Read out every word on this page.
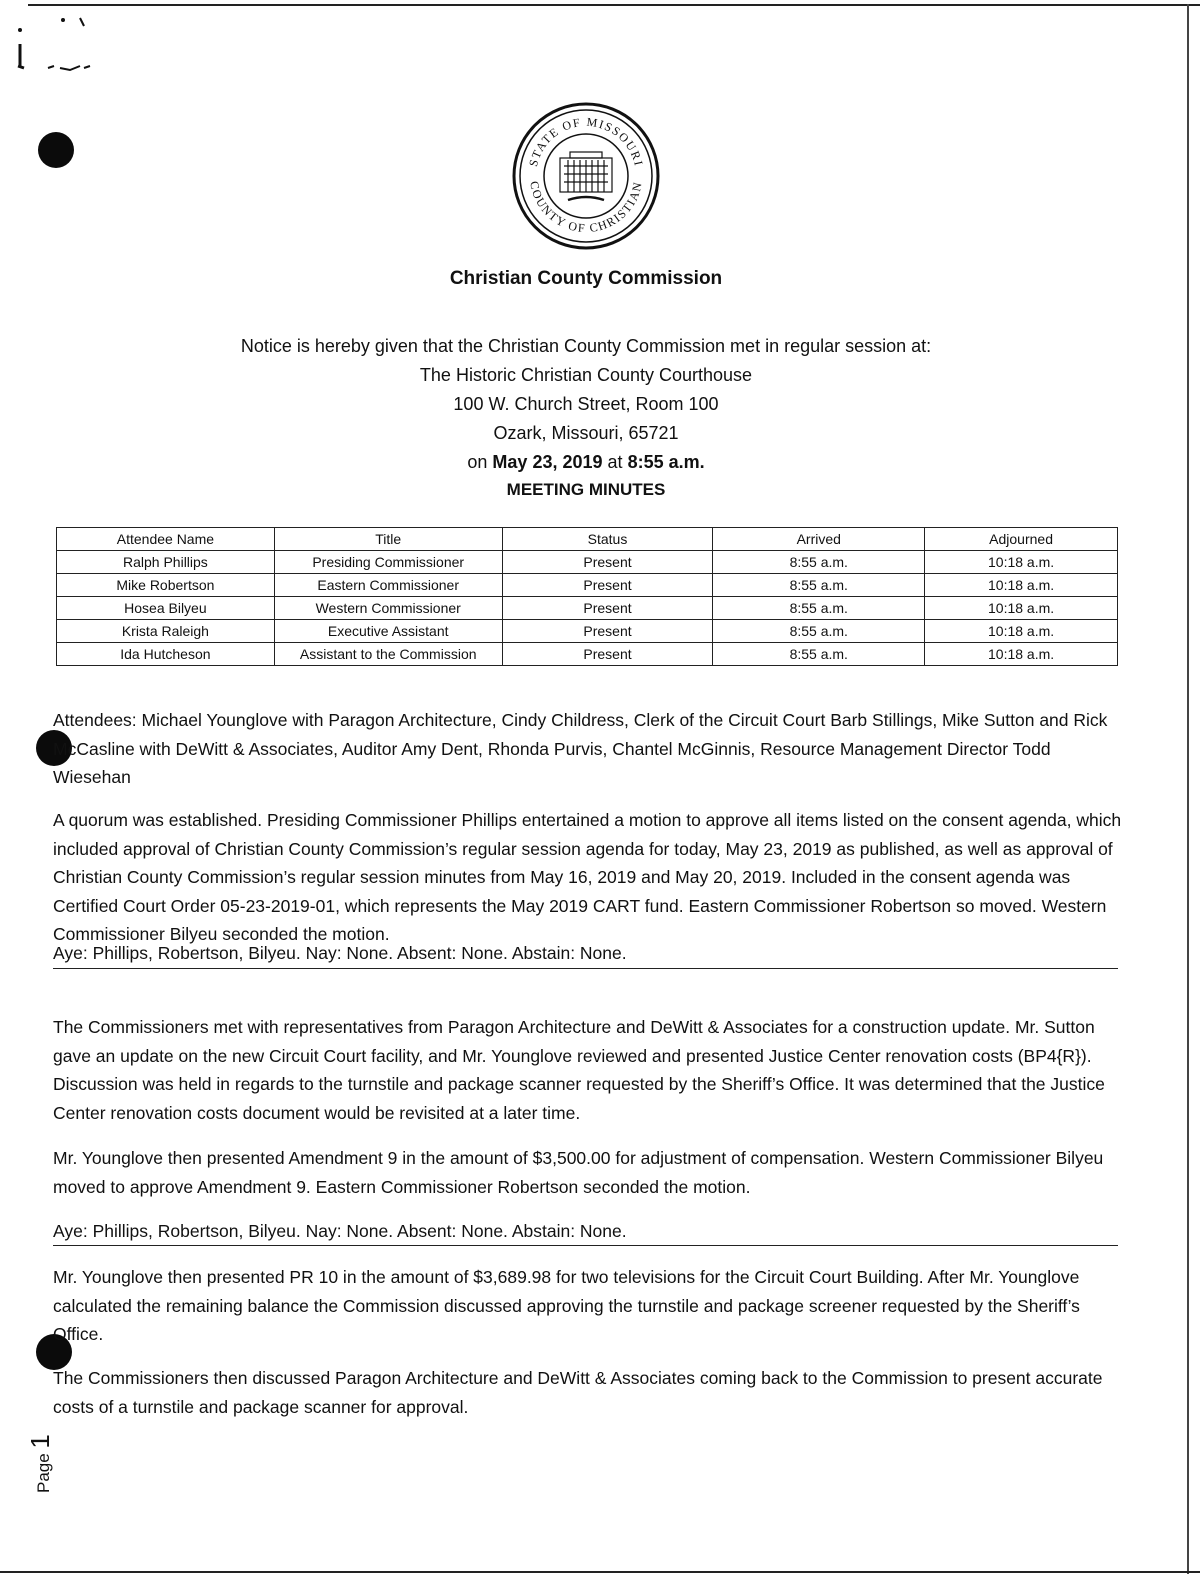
STATE OF MISSOURI
COUNTY OF CHRISTIAN
Christian County Commission
Notice is hereby given that the Christian County Commission met in regular session at:
The Historic Christian County Courthouse
100 W. Church Street, Room 100
Ozark, Missouri, 65721
on May 23, 2019 at 8:55 a.m.
MEETING MINUTES
Attendee Name	Title	Status	Arrived	Adjourned
Ralph Phillips	Presiding Commissioner	Present	8:55 a.m.	10:18 a.m.
Mike Robertson	Eastern Commissioner	Present	8:55 a.m.	10:18 a.m.
Hosea Bilyeu	Western Commissioner	Present	8:55 a.m.	10:18 a.m.
Krista Raleigh	Executive Assistant	Present	8:55 a.m.	10:18 a.m.
Ida Hutcheson	Assistant to the Commission	Present	8:55 a.m.	10:18 a.m.
Attendees: Michael Younglove with Paragon Architecture, Cindy Childress, Clerk of the Circuit Court Barb Stillings, Mike Sutton and Rick McCasline with DeWitt & Associates, Auditor Amy Dent, Rhonda Purvis, Chantel McGinnis, Resource Management Director Todd Wiesehan
A quorum was established. Presiding Commissioner Phillips entertained a motion to approve all items listed on the consent agenda, which included approval of Christian County Commission’s regular session agenda for today, May 23, 2019 as published, as well as approval of Christian County Commission’s regular session minutes from May 16, 2019 and May 20, 2019. Included in the consent agenda was Certified Court Order 05-23-2019-01, which represents the May 2019 CART fund. Eastern Commissioner Robertson so moved. Western Commissioner Bilyeu seconded the motion.
Aye: Phillips, Robertson, Bilyeu. Nay: None. Absent: None. Abstain: None.
The Commissioners met with representatives from Paragon Architecture and DeWitt & Associates for a construction update. Mr. Sutton gave an update on the new Circuit Court facility, and Mr. Younglove reviewed and presented Justice Center renovation costs (BP4{R}). Discussion was held in regards to the turnstile and package scanner requested by the Sheriff’s Office. It was determined that the Justice Center renovation costs document would be revisited at a later time.
Mr. Younglove then presented Amendment 9 in the amount of $3,500.00 for adjustment of compensation. Western Commissioner Bilyeu moved to approve Amendment 9. Eastern Commissioner Robertson seconded the motion.
Aye: Phillips, Robertson, Bilyeu. Nay: None. Absent: None. Abstain: None.
Mr. Younglove then presented PR 10 in the amount of $3,689.98 for two televisions for the Circuit Court Building. After Mr. Younglove calculated the remaining balance the Commission discussed approving the turnstile and package screener requested by the Sheriff’s Office.
The Commissioners then discussed Paragon Architecture and DeWitt & Associates coming back to the Commission to present accurate costs of a turnstile and package scanner for approval.
Page 1
